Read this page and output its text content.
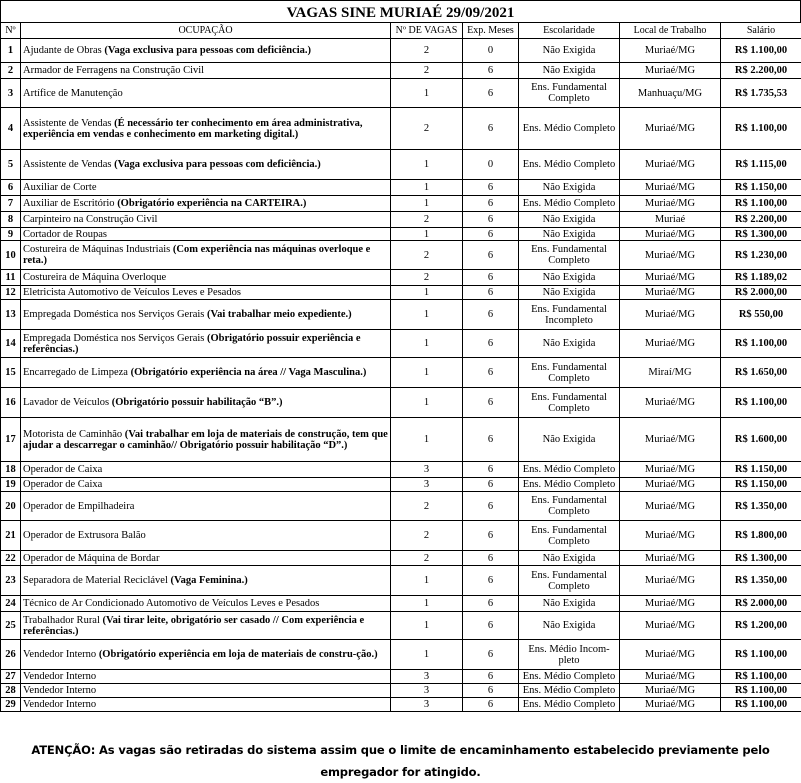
VAGAS SINE MURIAÉ 29/09/2021
Nº	OCUPAÇÃO	Nº DE VAGAS	Exp. Meses	Escolaridade	Local de Trabalho	Salário
1	Ajudante de Obras (Vaga exclusiva para pessoas com deficiência.)	2	0	Não Exigida	Muriaé/MG	R$ 1.100,00
2	Armador de Ferragens na Construção Civil	2	6	Não Exigida	Muriaé/MG	R$ 2.200,00
3	Artífice de Manutenção	1	6	Ens. Fundamental Completo	Manhuaçu/MG	R$ 1.735,53
4	Assistente de Vendas (É necessário ter conhecimento em área administrativa, experiência em vendas e conhecimento em marketing digital.)	2	6	Ens. Médio Completo	Muriaé/MG	R$ 1.100,00
5	Assistente de Vendas (Vaga exclusiva para pessoas com deficiência.)	1	0	Ens. Médio Completo	Muriaé/MG	R$ 1.115,00
6	Auxiliar de Corte	1	6	Não Exigida	Muriaé/MG	R$ 1.150,00
7	Auxiliar de Escritório (Obrigatório experiência na CARTEIRA.)	1	6	Ens. Médio Completo	Muriaé/MG	R$ 1.100,00
8	Carpinteiro na Construção Civil	2	6	Não Exigida	Muriaé	R$ 2.200,00
9	Cortador de Roupas	1	6	Não Exigida	Muriaé/MG	R$ 1.300,00
10	Costureira de Máquinas Industriais (Com experiência nas máquinas overloque e reta.)	2	6	Ens. Fundamental Completo	Muriaé/MG	R$ 1.230,00
11	Costureira de Máquina Overloque	2	6	Não Exigida	Muriaé/MG	R$ 1.189,02
12	Eletricista Automotivo de Veículos Leves e Pesados	1	6	Não Exigida	Muriaé/MG	R$ 2.000,00
13	Empregada Doméstica nos Serviços Gerais (Vai trabalhar meio expediente.)	1	6	Ens. Fundamental Incompleto	Muriaé/MG	R$ 550,00
14	Empregada Doméstica nos Serviços Gerais (Obrigatório possuir experiência e referências.)	1	6	Não Exigida	Muriaé/MG	R$ 1.100,00
15	Encarregado de Limpeza (Obrigatório experiência na área // Vaga Masculina.)	1	6	Ens. Fundamental Completo	Miraí/MG	R$ 1.650,00
16	Lavador de Veículos (Obrigatório possuir habilitação “B”.)	1	6	Ens. Fundamental Completo	Muriaé/MG	R$ 1.100,00
17	Motorista de Caminhão (Vai trabalhar em loja de materiais de construção, tem que ajudar a descarregar o caminhão// Obrigatório possuir habilitação “D”.)	1	6	Não Exigida	Muriaé/MG	R$ 1.600,00
18	Operador de Caixa	3	6	Ens. Médio Completo	Muriaé/MG	R$ 1.150,00
19	Operador de Caixa	3	6	Ens. Médio Completo	Muriaé/MG	R$ 1.150,00
20	Operador de Empilhadeira	2	6	Ens. Fundamental Completo	Muriaé/MG	R$ 1.350,00
21	Operador de Extrusora Balão	2	6	Ens. Fundamental Completo	Muriaé/MG	R$ 1.800,00
22	Operador de Máquina de Bordar	2	6	Não Exigida	Muriaé/MG	R$ 1.300,00
23	Separadora de Material Reciclável (Vaga Feminina.)	1	6	Ens. Fundamental Completo	Muriaé/MG	R$ 1.350,00
24	Técnico de Ar Condicionado Automotivo de Veículos Leves e Pesados	1	6	Não Exigida	Muriaé/MG	R$ 2.000,00
25	Trabalhador Rural (Vai tirar leite, obrigatório ser casado // Com experiência e referências.)	1	6	Não Exigida	Muriaé/MG	R$ 1.200,00
26	Vendedor Interno (Obrigatório experiência em loja de materiais de constru-ção.)	1	6	Ens. Médio Incom-pleto	Muriaé/MG	R$ 1.100,00
27	Vendedor Interno	3	6	Ens. Médio Completo	Muriaé/MG	R$ 1.100,00
28	Vendedor Interno	3	6	Ens. Médio Completo	Muriaé/MG	R$ 1.100,00
29	Vendedor Interno	3	6	Ens. Médio Completo	Muriaé/MG	R$ 1.100,00
ATENÇÃO: As vagas são retiradas do sistema assim que o limite de encaminhamento estabelecido previamente pelo empregador for atingido.
